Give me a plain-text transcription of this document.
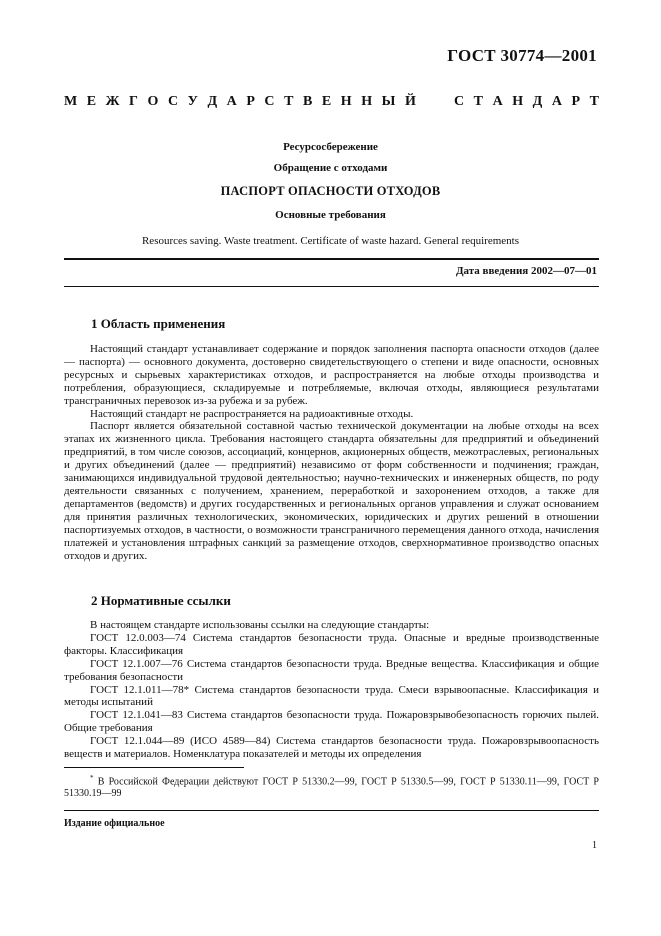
ГОСТ 30774—2001
М Е Ж Г О С У Д А Р С Т В Е Н Н Ы Й	С Т А Н Д А Р Т
Ресурсосбережение
Обращение с отходами
ПАСПОРТ ОПАСНОСТИ ОТХОДОВ
Основные требования
Resources saving. Waste treatment. Certificate of waste hazard. General requirements
Дата введения 2002—07—01
1 Область применения

Настоящий стандарт устанавливает содержание и порядок заполнения паспорта опасности отходов (далее — паспорта) — основного документа, достоверно свидетельствующего о степени и виде опасности, основных ресурсных и сырьевых характеристиках отходов, и распространяется на любые отходы производства и потребления, образующиеся, складируемые и потребляемые, включая отходы, являющиеся результатами трансграничных перевозок из-за рубежа и за рубеж.

Настоящий стандарт не распространяется на радиоактивные отходы.

Паспорт является обязательной составной частью технической документации на любые отходы на всех этапах их жизненного цикла. Требования настоящего стандарта обязательны для предприятий и объединений предприятий, в том числе союзов, ассоциаций, концернов, акционерных обществ, межотраслевых, региональных и других объединений (далее — предприятий) независимо от форм собственности и подчинения; граждан, занимающихся индивидуальной трудовой деятельностью; научно-технических и инженерных обществ, по роду деятельности связанных с получением, хранением, переработкой и захоронением отходов, а также для департаментов (ведомств) и других государственных и региональных органов управления и служат основанием для принятия различных технологических, экономических, юридических и других решений в отношении паспортизуемых отходов, в частности, о возможности трансграничного перемещения данного отхода, начисления платежей и установления штрафных санкций за размещение отходов, сверхнормативное производство опасных отходов и других.

2 Нормативные ссылки

В настоящем стандарте использованы ссылки на следующие стандарты:

ГОСТ 12.0.003—74 Система стандартов безопасности труда. Опасные и вредные производственные факторы. Классификация

ГОСТ 12.1.007—76 Система стандартов безопасности труда. Вредные вещества. Классификация и общие требования безопасности

ГОСТ 12.1.011—78* Система стандартов безопасности труда. Смеси взрывоопасные. Классификация и методы испытаний

ГОСТ 12.1.041—83 Система стандартов безопасности труда. Пожаровзрывобезопасность горючих пылей. Общие требования

ГОСТ 12.1.044—89 (ИСО 4589—84) Система стандартов безопасности труда. Пожаровзрывоопасность веществ и материалов. Номенклатура показателей и методы их определения

* В Российской Федерации действуют ГОСТ Р 51330.2—99, ГОСТ Р 51330.5—99, ГОСТ Р 51330.11—99, ГОСТ Р 51330.19—99
Издание официальное
1
